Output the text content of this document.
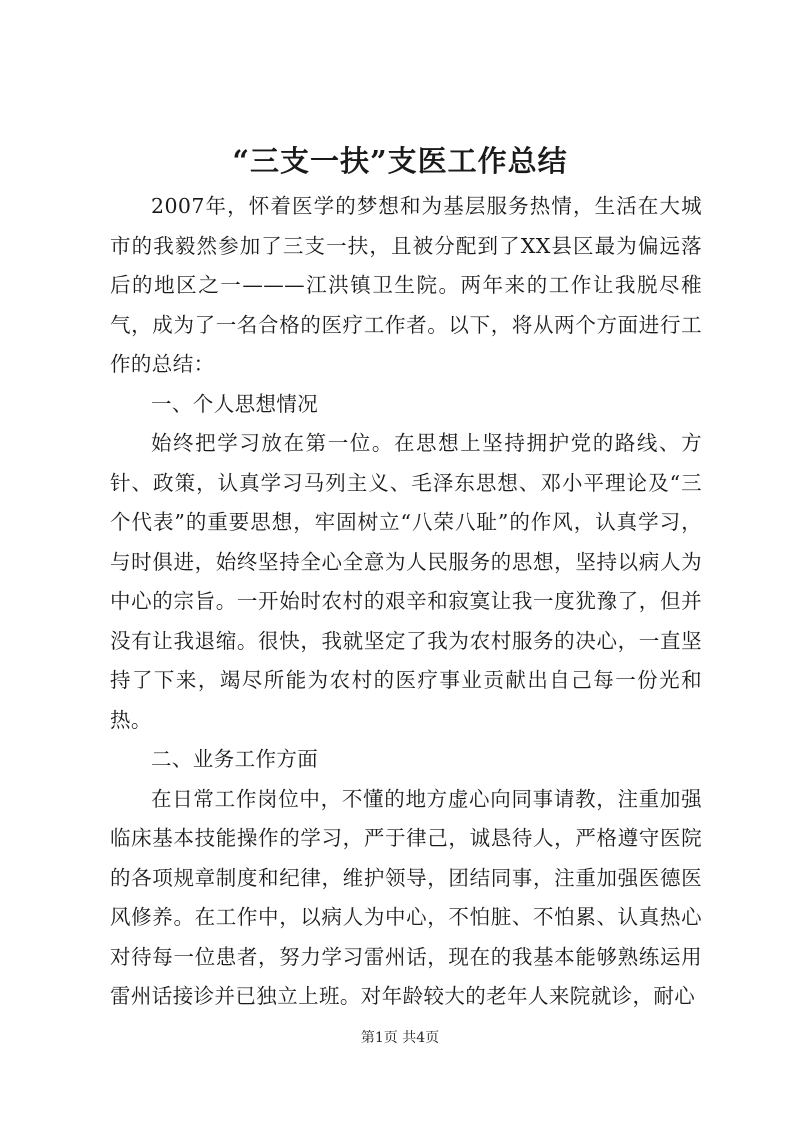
“三支一扶”支医工作总结

2007年，怀着医学的梦想和为基层服务热情，生活在大城市的我毅然参加了三支一扶，且被分配到了XX县区最为偏远落后的地区之一———江洪镇卫生院。两年来的工作让我脱尽稚气，成为了一名合格的医疗工作者。以下，将从两个方面进行工作的总结：

一、个人思想情况

始终把学习放在第一位。在思想上坚持拥护党的路线、方针、政策，认真学习马列主义、毛泽东思想、邓小平理论及“三个代表”的重要思想，牢固树立“八荣八耻”的作风，认真学习，与时俱进，始终坚持全心全意为人民服务的思想，坚持以病人为中心的宗旨。一开始时农村的艰辛和寂寞让我一度犹豫了，但并没有让我退缩。很快，我就坚定了我为农村服务的决心，一直坚持了下来，竭尽所能为农村的医疗事业贡献出自己每一份光和热。

二、业务工作方面

在日常工作岗位中，不懂的地方虚心向同事请教，注重加强临床基本技能操作的学习，严于律己，诚恳待人，严格遵守医院的各项规章制度和纪律，维护领导，团结同事，注重加强医德医风修养。在工作中，以病人为中心，不怕脏、不怕累、认真热心对待每一位患者，努力学习雷州话，现在的我基本能够熟练运用雷州话接诊并已独立上班。对年龄较大的老年人来院就诊，耐心

第1页 共4页
